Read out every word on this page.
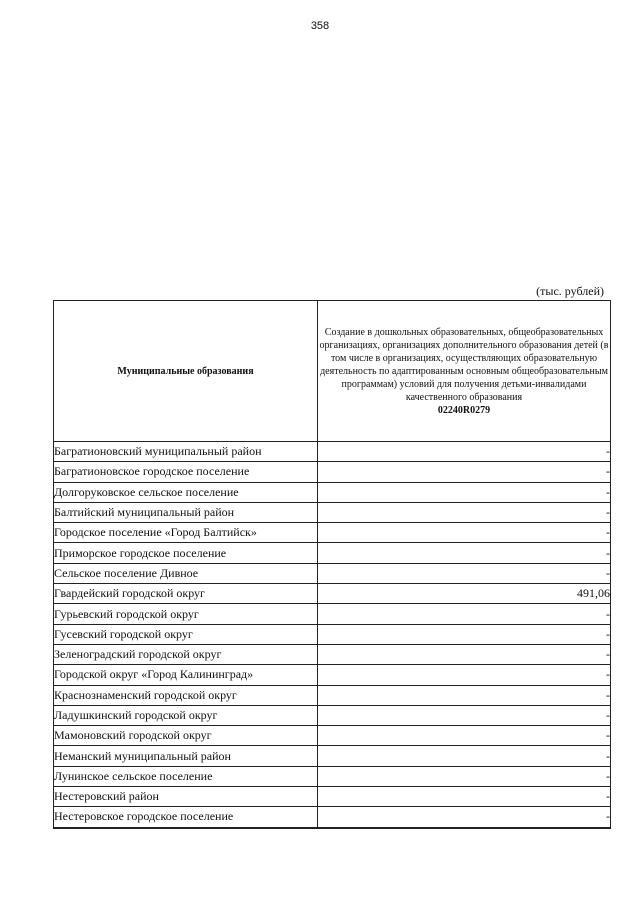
358
(тыс. рублей)
Муниципальные образования	Создание в дошкольных образовательных, общеобразовательных организациях, организациях дополнительного образования детей (в том числе в организациях, осуществляющих образовательную деятельность по адаптированным основным общеобразовательным программам) условий для получения детьми-инвалидами качественного образования
02240R0279

Багратионовский муниципальный район	-
Багратионовское городское поселение	-
Долгоруковское сельское поселение	-
Балтийский муниципальный район	-
Городское поселение «Город Балтийск»	-
Приморское городское поселение	-
Сельское поселение Дивное	-
Гвардейский городской округ	491,06
Гурьевский городской округ	-
Гусевский городской округ	-
Зеленоградский городской округ	-
Городской округ «Город Калининград»	-
Краснознаменский городской округ	-
Ладушкинский городской округ	-
Мамоновский городской округ	-
Неманский муниципальный район	-
Лунинское сельское поселение	-
Нестеровский район	-
Нестеровское городское поселение	-
